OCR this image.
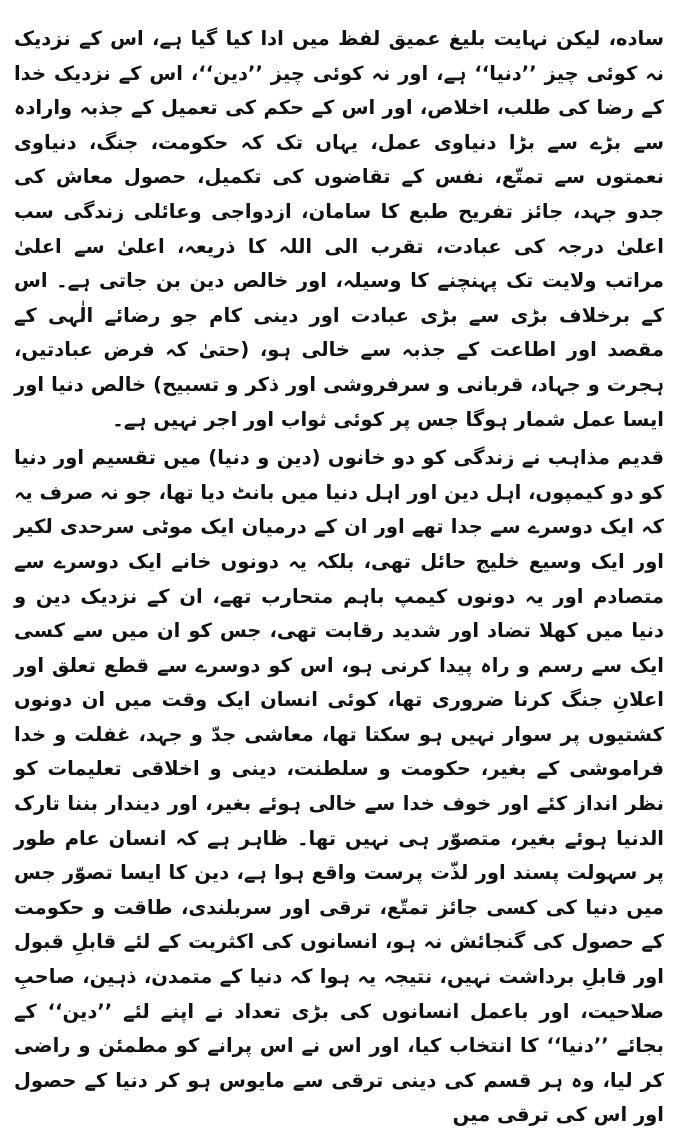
ساده، لیکن نہایت بلیغ عمیق لفظ میں ادا کیا گیا ہے، اس کے نزدیک نہ کوئی چیز ’’دنیا‘‘ ہے، اور نہ کوئی چیز ’’دین‘‘، اس کے نزدیک خدا کے رضا کی طلب، اخلاص، اور اس کے حکم کی تعمیل کے جذبہ وارادہ سے بڑے سے بڑا دنیاوی عمل، یہاں تک کہ حکومت، جنگ، دنیاوی نعمتوں سے تمتّع، نفس کے تقاضوں کی تکمیل، حصول معاش کی جدو جہد، جائز تفریح طبع کا سامان، ازدواجی وعائلی زندگی سب اعلیٰ درجہ کی عبادت، تقرب الی اللہ کا ذریعہ، اعلیٰ سے اعلیٰ مراتب ولایت تک پہنچنے کا وسیلہ، اور خالص دین بن جاتی ہے۔ اس کے برخلاف بڑی سے بڑی عبادت اور دینی کام جو رضائے الٰہی کے مقصد اور اطاعت کے جذبہ سے خالی ہو، (حتیٰ کہ فرض عبادتیں، ہجرت و جہاد، قربانی و سرفروشی اور ذکر و تسبیح) خالص دنیا اور ایسا عمل شمار ہوگا جس پر کوئی ثواب اور اجر نہیں ہے۔

قدیم مذاہب نے زندگی کو دو خانوں (دین و دنیا) میں تقسیم اور دنیا کو دو کیمپوں، اہل دین اور اہل دنیا میں بانٹ دیا تھا، جو نہ صرف یہ کہ ایک دوسرے سے جدا تھے اور ان کے درمیان ایک موٹی سرحدی لکیر اور ایک وسیع خلیج حائل تھی، بلکہ یہ دونوں خانے ایک دوسرے سے متصادم اور یہ دونوں کیمپ باہم متحارب تھے، ان کے نزدیک دین و دنیا میں کھلا تضاد اور شدید رقابت تھی، جس کو ان میں سے کسی ایک سے رسم و راہ پیدا کرنی ہو، اس کو دوسرے سے قطع تعلق اور اعلانِ جنگ کرنا ضروری تھا، کوئی انسان ایک وقت میں ان دونوں کشتیوں پر سوار نہیں ہو سکتا تھا، معاشی جدّ و جہد، غفلت و خدا فراموشی کے بغیر، حکومت و سلطنت، دینی و اخلاقی تعلیمات کو نظر انداز کئے اور خوف خدا سے خالی ہوئے بغیر، اور دیندار بننا تارک الدنیا ہوئے بغیر، متصوّر ہی نہیں تھا۔ ظاہر ہے کہ انسان عام طور پر سہولت پسند اور لذّت پرست واقع ہوا ہے، دین کا ایسا تصوّر جس میں دنیا کی کسی جائز تمتّع، ترقی اور سربلندی، طاقت و حکومت کے حصول کی گنجائش نہ ہو، انسانوں کی اکثریت کے لئے قابلِ قبول اور قابلِ برداشت نہیں، نتیجہ یہ ہوا کہ دنیا کے متمدن، ذہین، صاحبِ صلاحیت، اور باعمل انسانوں کی بڑی تعداد نے اپنے لئے ’’دین‘‘ کے بجائے ’’دنیا‘‘ کا انتخاب کیا، اور اس نے اس پرانے کو مطمئن و راضی کر لیا، وہ ہر قسم کی دینی ترقی سے مایوس ہو کر دنیا کے حصول اور اس کی ترقی میں
